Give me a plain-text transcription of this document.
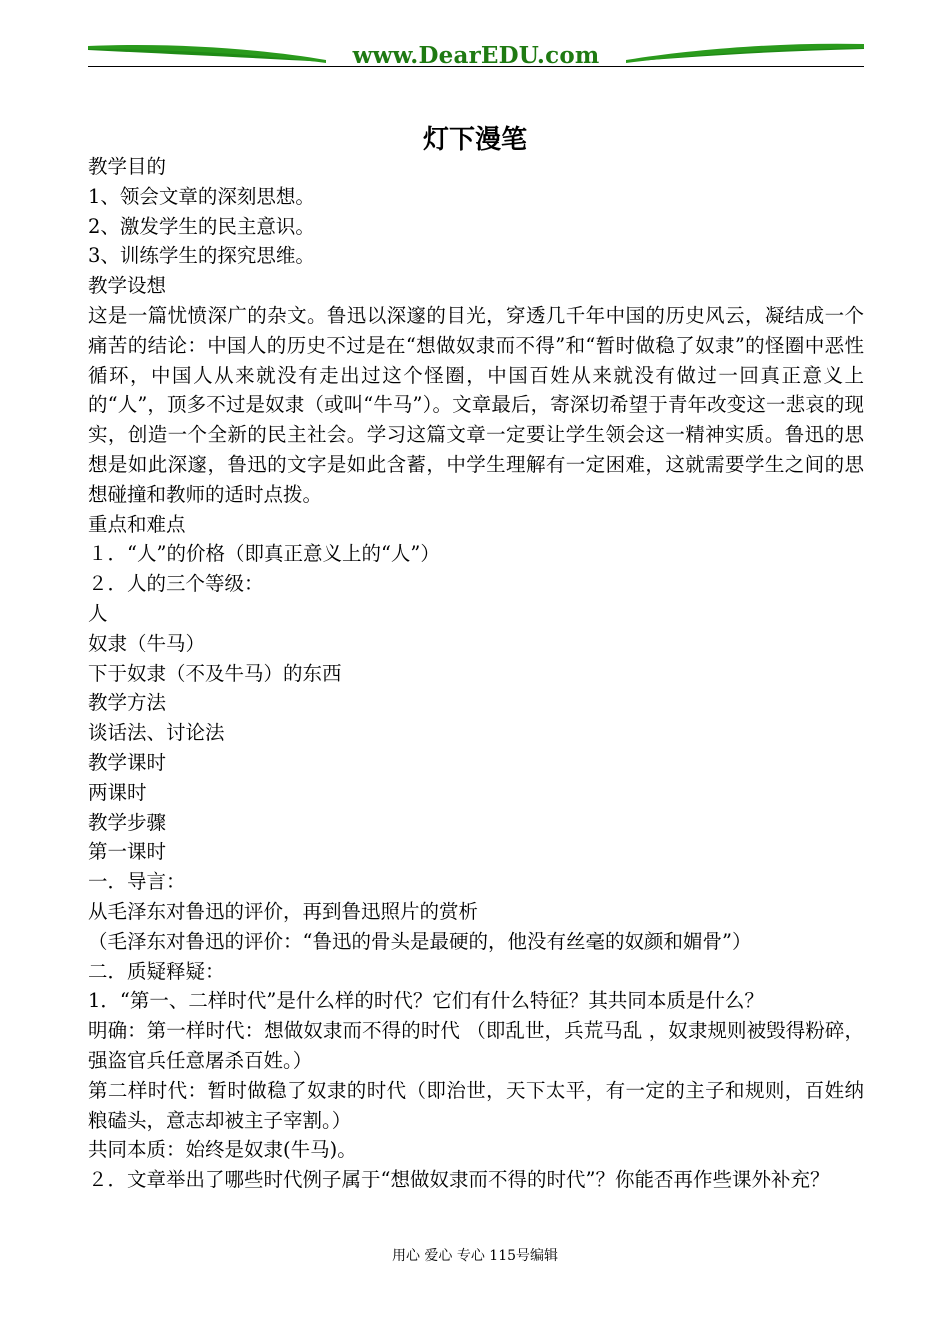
www.DearEDU.com
灯下漫笔
教学目的
1、领会文章的深刻思想。
2、激发学生的民主意识。
3、训练学生的探究思维。
教学设想
这是一篇忧愤深广的杂文。鲁迅以深邃的目光，穿透几千年中国的历史风云，凝结成一个痛苦的结论：中国人的历史不过是在“想做奴隶而不得”和“暂时做稳了奴隶”的怪圈中恶性循环，中国人从来就没有走出过这个怪圈，中国百姓从来就没有做过一回真正意义上的“人”，顶多不过是奴隶（或叫“牛马”）。文章最后，寄深切希望于青年改变这一悲哀的现实，创造一个全新的民主社会。学习这篇文章一定要让学生领会这一精神实质。鲁迅的思想是如此深邃，鲁迅的文字是如此含蓄，中学生理解有一定困难，这就需要学生之间的思想碰撞和教师的适时点拨。
重点和难点
１．“人”的价格（即真正意义上的“人”）
２．人的三个等级：
人
奴隶（牛马）
下于奴隶（不及牛马）的东西
教学方法
谈话法、讨论法
教学课时
两课时
教学步骤
第一课时
一．导言：
从毛泽东对鲁迅的评价，再到鲁迅照片的赏析
（毛泽东对鲁迅的评价：“鲁迅的骨头是最硬的，他没有丝毫的奴颜和媚骨”）
二．质疑释疑：
1．“第一、二样时代”是什么样的时代？它们有什么特征？其共同本质是什么？
明确：第一样时代：想做奴隶而不得的时代 （即乱世，兵荒马乱 ，奴隶规则被毁得粉碎，强盗官兵任意屠杀百姓。）
第二样时代：暂时做稳了奴隶的时代（即治世，天下太平，有一定的主子和规则，百姓纳粮磕头，意志却被主子宰割。）
共同本质：始终是奴隶(牛马)。
２．文章举出了哪些时代例子属于“想做奴隶而不得的时代”？你能否再作些课外补充？
用心 爱心 专心 115号编辑
